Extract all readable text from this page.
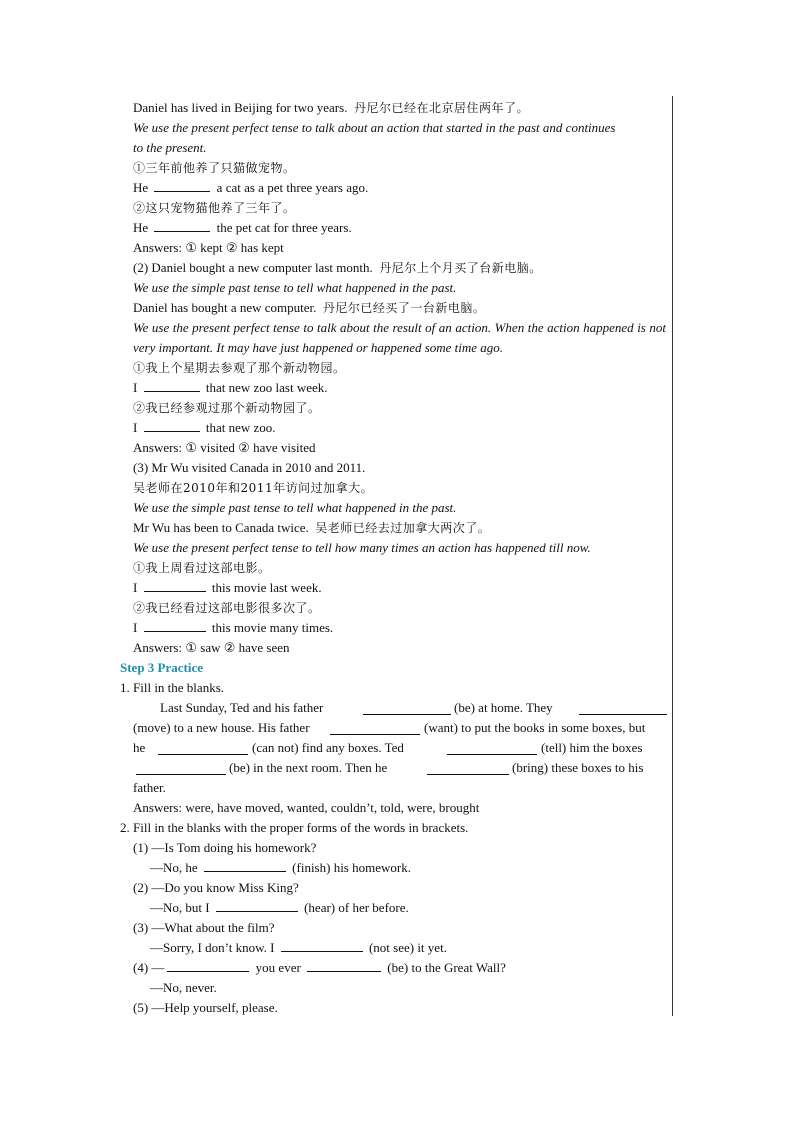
Daniel has lived in Beijing for two years. 丹尼尔已经在北京居住两年了。
We use the present perfect tense to talk about an action that started in the past and continues
to the present.
①三年前他养了只猫做宠物。
He	a cat as a pet three years ago.
②这只宠物猫他养了三年了。
He	the pet cat for three years.
Answers: ① kept ② has kept
(2) Daniel bought a new computer last month. 丹尼尔上个月买了台新电脑。
We use the simple past tense to tell what happened in the past.
Daniel has bought a new computer. 丹尼尔已经买了一台新电脑。
We use the present perfect tense to talk about the result of an action. When the action happened is not very important. It may have just happened or happened some time ago.
①我上个星期去参观了那个新动物园。
I	that new zoo last week.
②我已经参观过那个新动物园了。
I	that new zoo.
Answers: ① visited ② have visited
(3) Mr Wu visited Canada in 2010 and 2011.
吴老师在2010年和2011年访问过加拿大。
We use the simple past tense to tell what happened in the past.
Mr Wu has been to Canada twice. 吴老师已经去过加拿大两次了。
We use the present perfect tense to tell how many times an action has happened till now.
①我上周看过这部电影。
I	this movie last week.
②我已经看过这部电影很多次了。
I	this movie many times.
Answers: ① saw ② have seen
Step 3 Practice
1. Fill in the blanks.
Last Sunday, Ted and his father	(be) at home. They
(move) to a new house. His father	(want) to put the books in some boxes, but
he	(can not) find any boxes. Ted	(tell) him the boxes
(be) in the next room. Then he	(bring) these boxes to his
father.
Answers: were, have moved, wanted, couldn’t, told, were, brought
2. Fill in the blanks with the proper forms of the words in brackets.
(1) —Is Tom doing his homework?
—No, he	(finish) his homework.
(2) —Do you know Miss King?
—No, but I	(hear) of her before.
(3) —What about the film?
—Sorry, I don’t know. I	(not see) it yet.
(4) —	you ever	(be) to the Great Wall?
—No, never.
(5) —Help yourself, please.
